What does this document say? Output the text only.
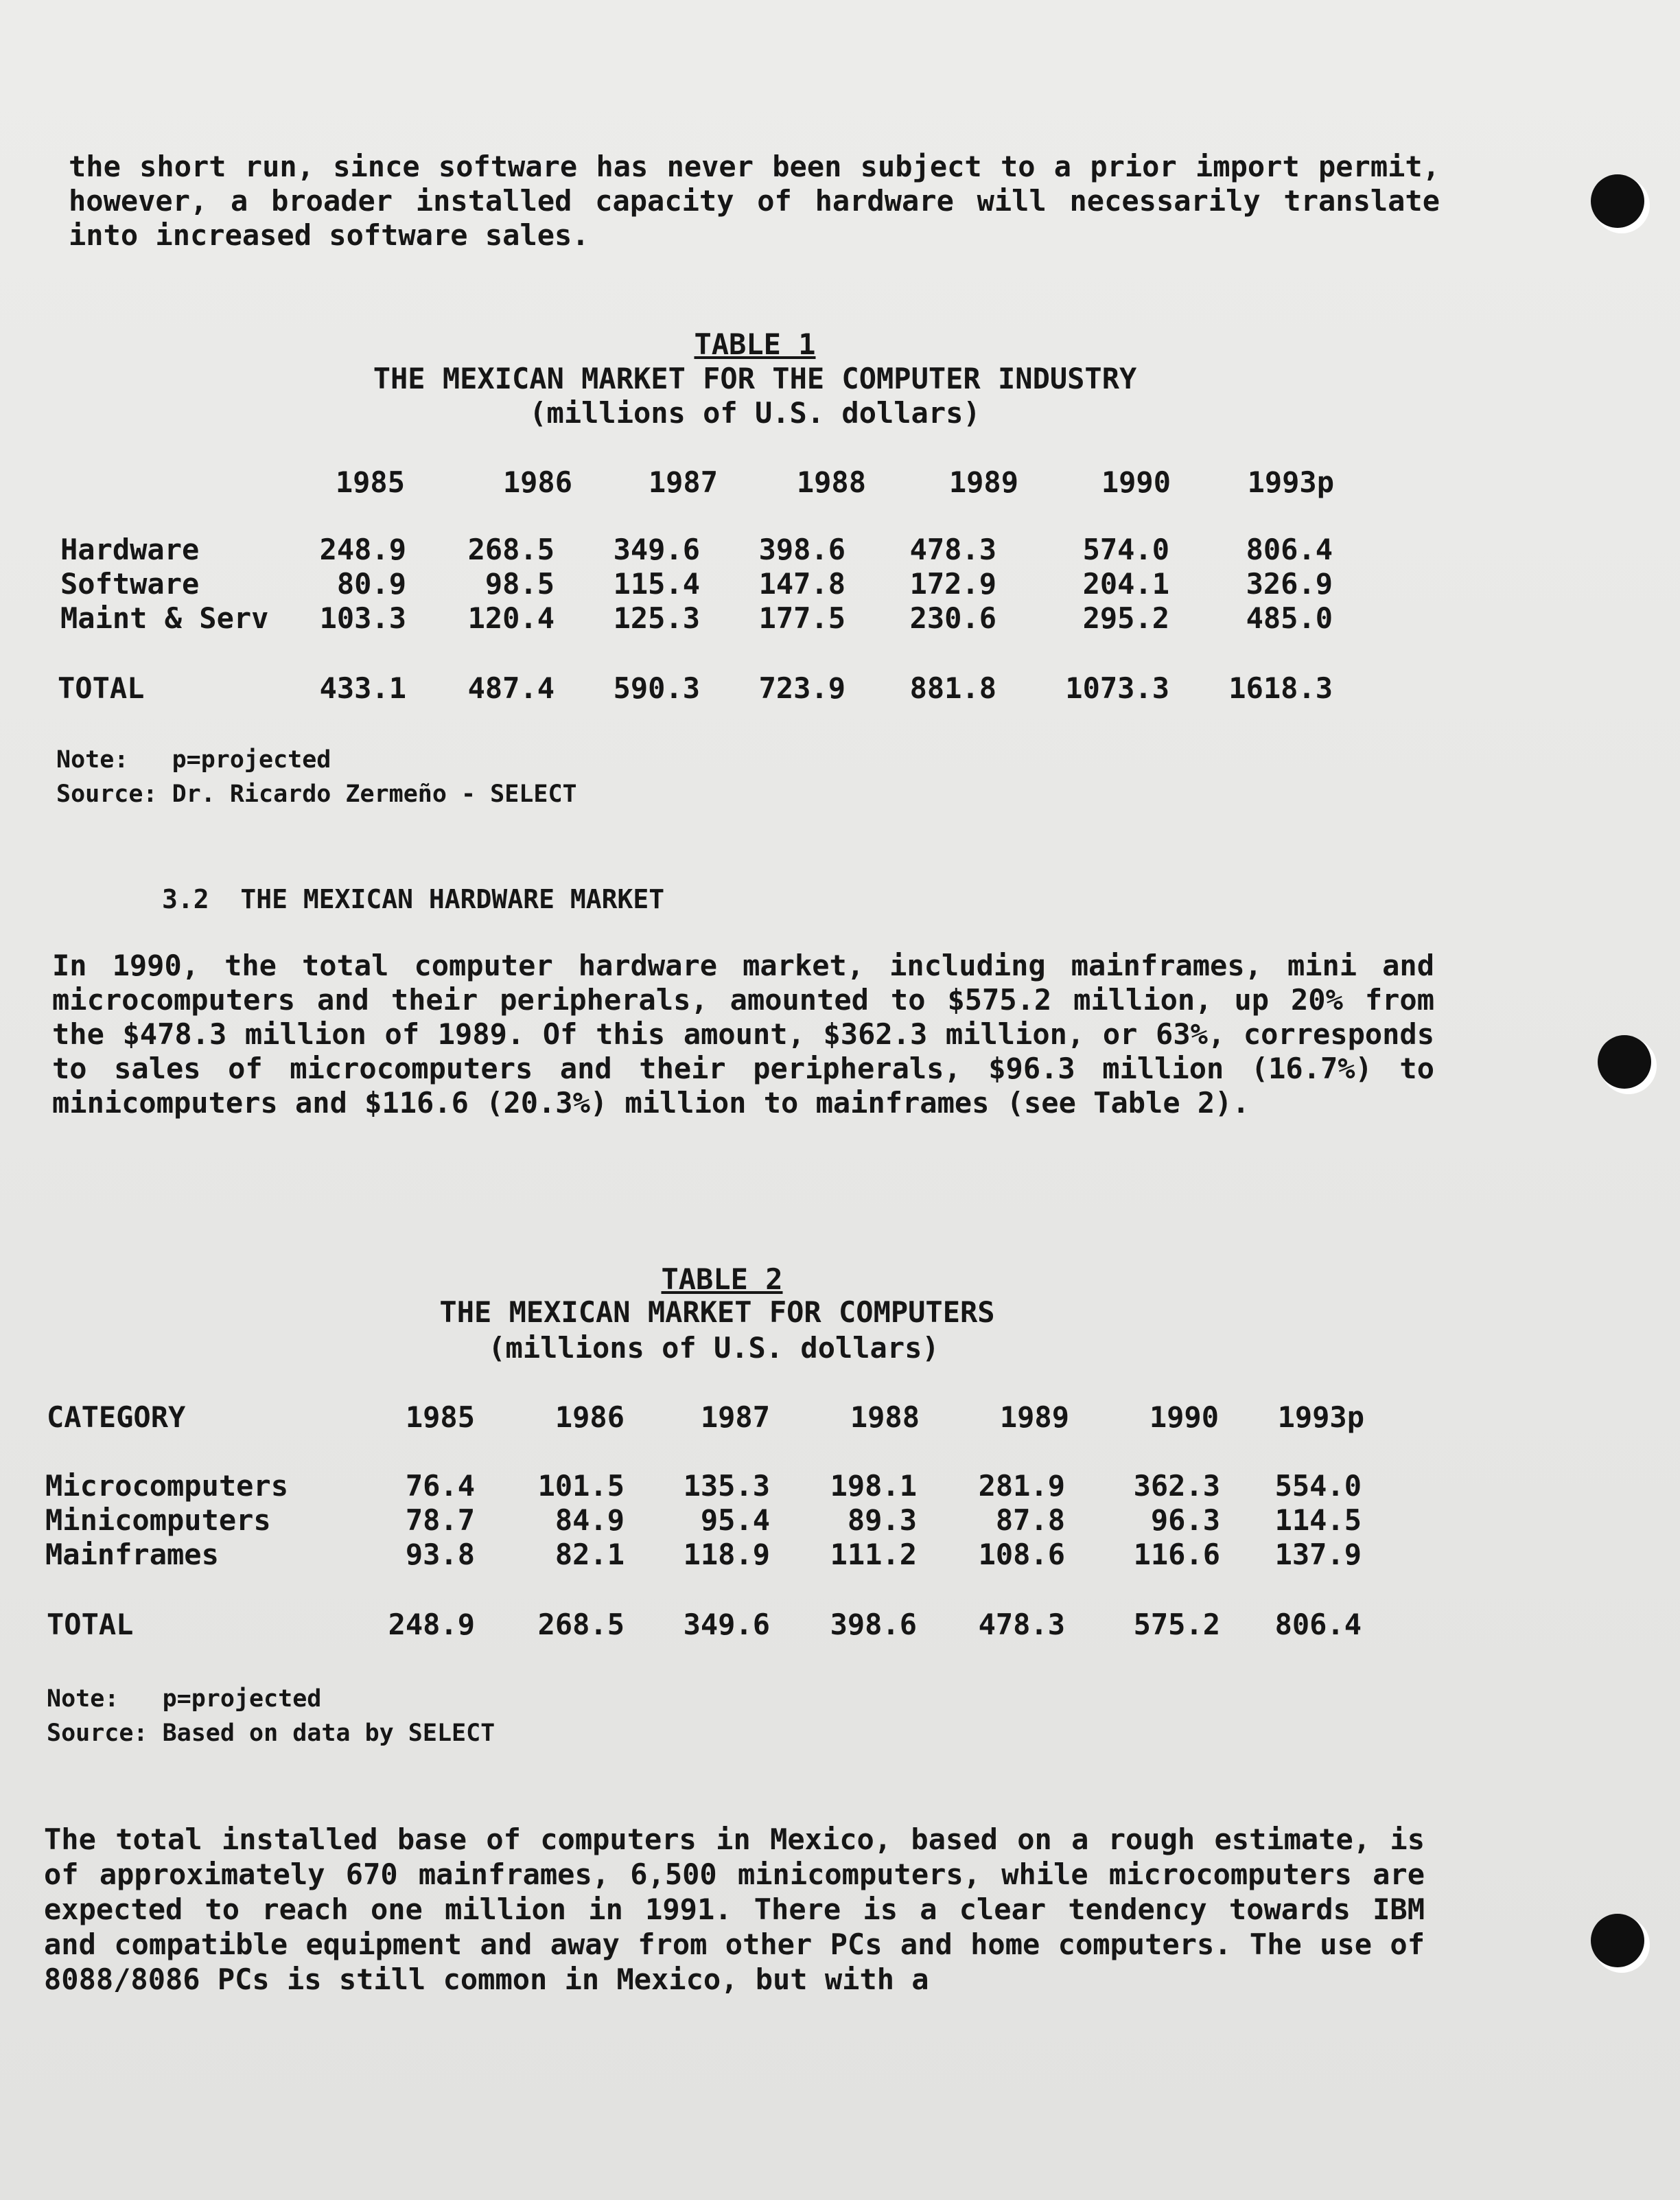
the short run, since software has never been subject to a prior import permit, however, a broader installed capacity of hardware will necessarily translate into increased software sales.

TABLE 1
THE MEXICAN MARKET FOR THE COMPUTER INDUSTRY
(millions of U.S. dollars)
1985	1986	1987	1988	1989	1990	1993p
Hardware	248.9 268.5 349.6 398.6 478.3	574.0	806.4
Software	80.9	98.5 115.4 147.8 172.9	204.1	326.9
Maint & Serv 103.3 120.4 125.3 177.5 230.6	295.2	485.0
TOTAL	433.1 487.4 590.3 723.9 881.8 1073.3 1618.3
Note:   p=projected
Source: Dr. Ricardo Zermeño - SELECT
3.2  THE MEXICAN HARDWARE MARKET

In 1990, the total computer hardware market, including mainframes, mini and microcomputers and their peripherals, amounted to $575.2 million, up 20% from the $478.3 million of 1989. Of this amount, $362.3 million, or 63%, corresponds to sales of microcomputers and their peripherals, $96.3 million (16.7%) to minicomputers and $116.6 (20.3%) million to mainframes (see Table 2).

TABLE 2
THE MEXICAN MARKET FOR COMPUTERS
(millions of U.S. dollars)
CATEGORY	1985	1986	1987	1988	1989	1990 1993p
Microcomputers	76.4 101.5 135.3 198.1 281.9 362.3 554.0
Minicomputers	78.7	84.9	95.4	89.3	87.8	96.3 114.5
Mainframes	93.8	82.1 118.9 111.2 108.6 116.6 137.9
TOTAL	248.9 268.5 349.6 398.6 478.3 575.2 806.4
Note:   p=projected
Source: Based on data by SELECT

The total installed base of computers in Mexico, based on a rough estimate, is of approximately 670 mainframes, 6,500 minicomputers, while microcomputers are expected to reach one million in 1991. There is a clear tendency towards IBM and compatible equipment and away from other PCs and home computers. The use of 8088/8086 PCs is still common in Mexico, but with a
